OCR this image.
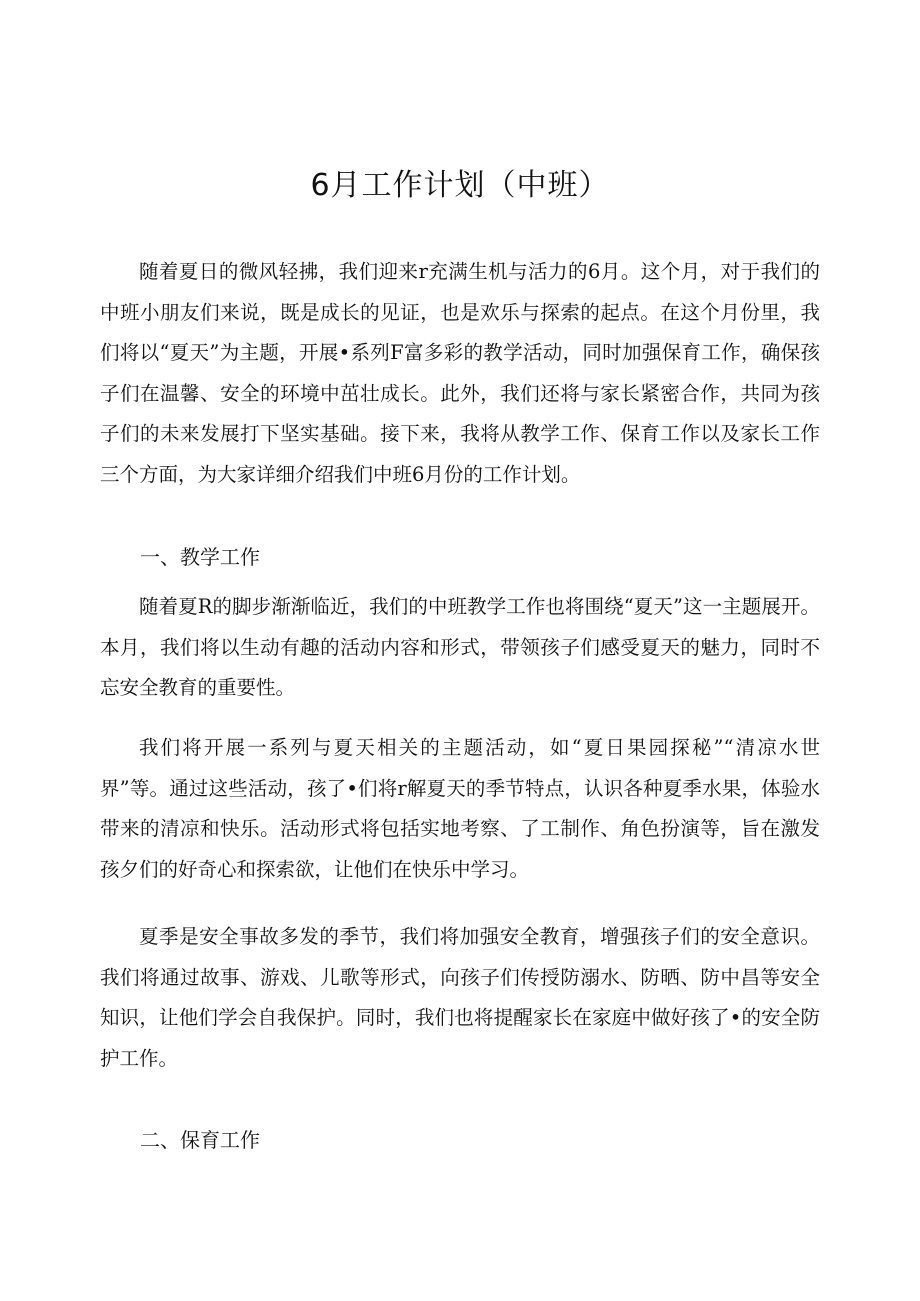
6月工作计划（中班）

随着夏日的微风轻拂，我们迎来r充满生机与活力的6月。这个月，对于我们的中班小朋友们来说，既是成长的见证，也是欢乐与探索的起点。在这个月份里，我们将以“夏天”为主题，开展•系列F富多彩的教学活动，同时加强保育工作，确保孩子们在温馨、安全的环境中茁壮成长。此外，我们还将与家长紧密合作，共同为孩子们的未来发展打下坚实基础。接下来，我将从教学工作、保育工作以及家长工作三个方面，为大家详细介绍我们中班6月份的工作计划。

一、教学工作

随着夏R的脚步渐渐临近，我们的中班教学工作也将围绕“夏天”这一主题展开。本月，我们将以生动有趣的活动内容和形式，带领孩子们感受夏天的魅力，同时不忘安全教育的重要性。

我们将开展一系列与夏天相关的主题活动，如“夏日果园探秘”“清凉水世界”等。通过这些活动，孩了•们将r解夏天的季节特点，认识各种夏季水果，体验水带来的清凉和快乐。活动形式将包括实地考察、了工制作、角色扮演等，旨在激发孩夕们的好奇心和探索欲，让他们在快乐中学习。

夏季是安全事故多发的季节，我们将加强安全教育，增强孩子们的安全意识。我们将通过故事、游戏、儿歌等形式，向孩子们传授防溺水、防晒、防中昌等安全知识，让他们学会自我保护。同时，我们也将提醒家长在家庭中做好孩了•的安全防护工作。

二、保育工作
